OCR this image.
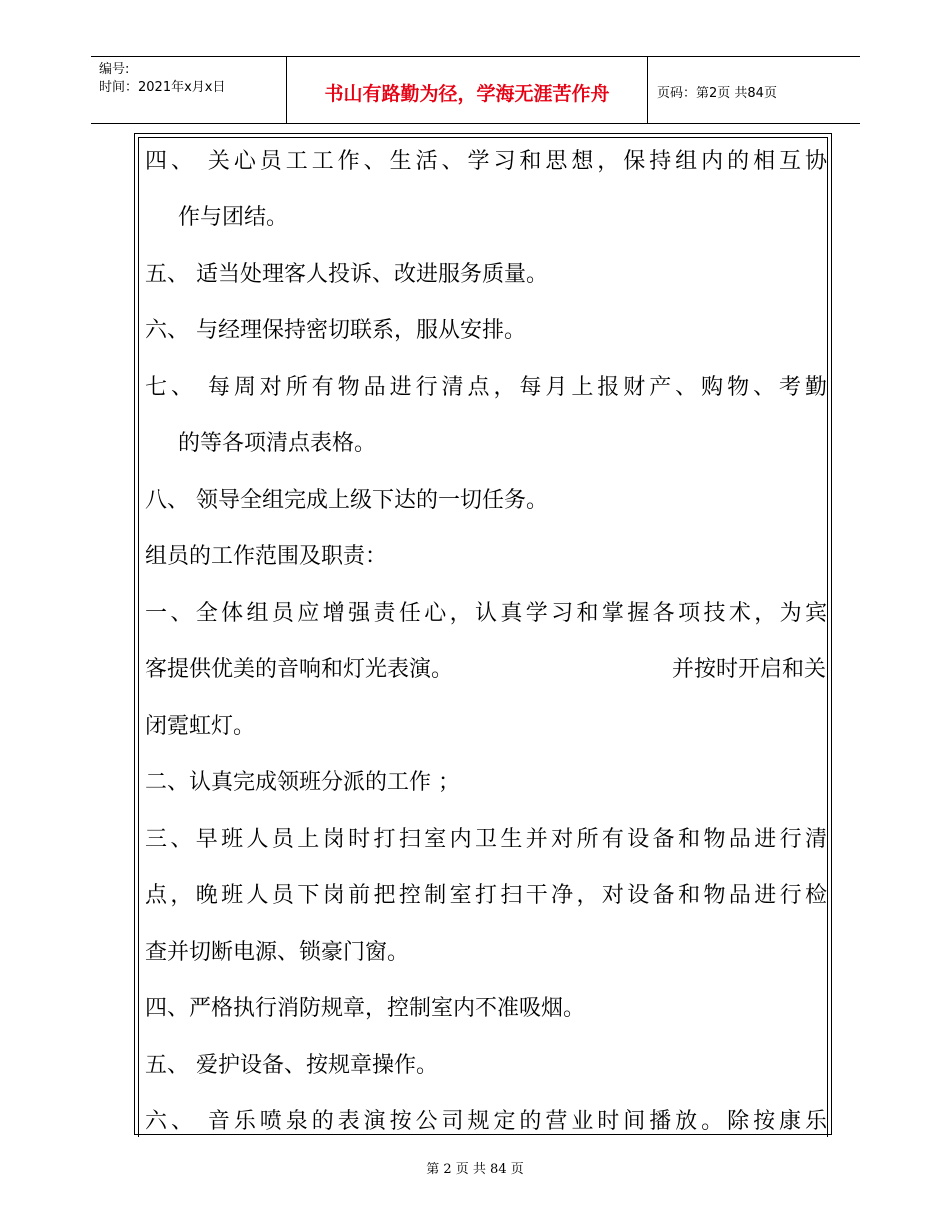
编号:
时间：2021年x月x日	书山有路勤为径，学海无涯苦作舟	页码：第2页 共84页
四、 关心员工工作、生活、学习和思想，保持组内的相互协
作与团结。
五、 适当处理客人投诉、改进服务质量。
六、 与经理保持密切联系，服从安排。
七、 每周对所有物品进行清点，每月上报财产、购物、考勤
的等各项清点表格。
八、 领导全组完成上级下达的一切任务。
组员的工作范围及职责：
一、全体组员应增强责任心，认真学习和掌握各项技术，为宾
客提供优美的音响和灯光表演。	并按时开启和关
闭霓虹灯。
二、认真完成领班分派的工作 ；
三、早班人员上岗时打扫室内卫生并对所有设备和物品进行清
点，晚班人员下岗前把控制室打扫干净，对设备和物品进行检
查并切断电源、锁豪门窗。
四、严格执行消防规章，控制室内不准吸烟。
五、 爱护设备、按规章操作。
六、 音乐喷泉的表演按公司规定的营业时间播放。除按康乐
第 2 页 共 84 页
